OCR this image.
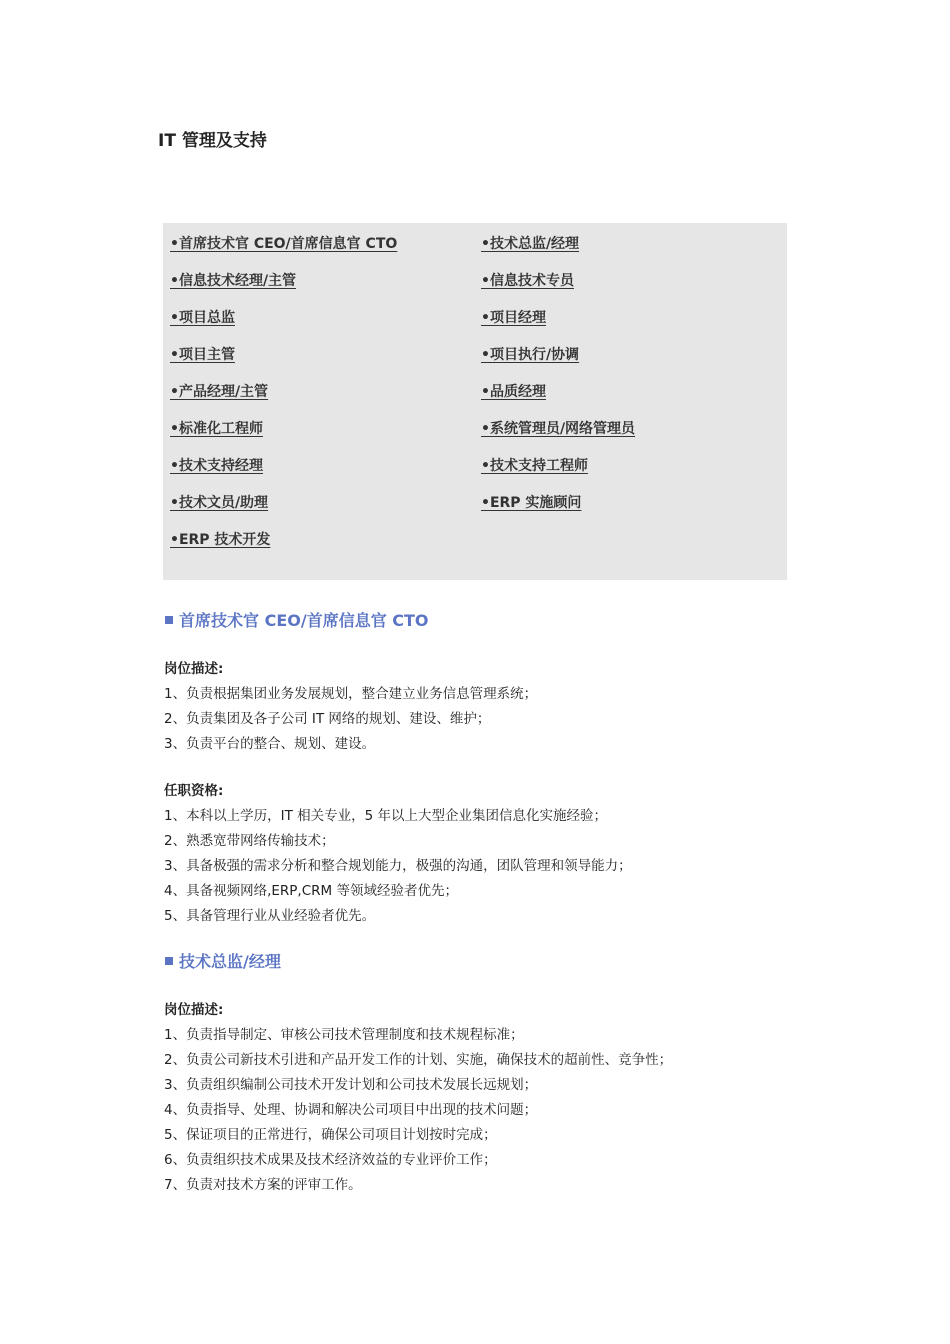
IT 管理及支持
•首席技术官 CEO/首席信息官 CTO
•信息技术经理/主管
•项目总监
•项目主管
•产品经理/主管
•标准化工程师
•技术支持经理
•技术文员/助理
•ERP 技术开发
•技术总监/经理
•信息技术专员
•项目经理
•项目执行/协调
•品质经理
•系统管理员/网络管理员
•技术支持工程师
•ERP 实施顾问
首席技术官 CEO/首席信息官 CTO
岗位描述:
1、负责根据集团业务发展规划，整合建立业务信息管理系统；
2、负责集团及各子公司 IT 网络的规划、建设、维护；
3、负责平台的整合、规划、建设。
任职资格:
1、本科以上学历，IT 相关专业，5 年以上大型企业集团信息化实施经验；
2、熟悉宽带网络传输技术；
3、具备极强的需求分析和整合规划能力，极强的沟通，团队管理和领导能力；
4、具备视频网络,ERP,CRM 等领域经验者优先；
5、具备管理行业从业经验者优先。
技术总监/经理
岗位描述:
1、负责指导制定、审核公司技术管理制度和技术规程标准；
2、负责公司新技术引进和产品开发工作的计划、实施，确保技术的超前性、竞争性；
3、负责组织编制公司技术开发计划和公司技术发展长远规划；
4、负责指导、处理、协调和解决公司项目中出现的技术问题；
5、保证项目的正常进行，确保公司项目计划按时完成；
6、负责组织技术成果及技术经济效益的专业评价工作；
7、负责对技术方案的评审工作。
